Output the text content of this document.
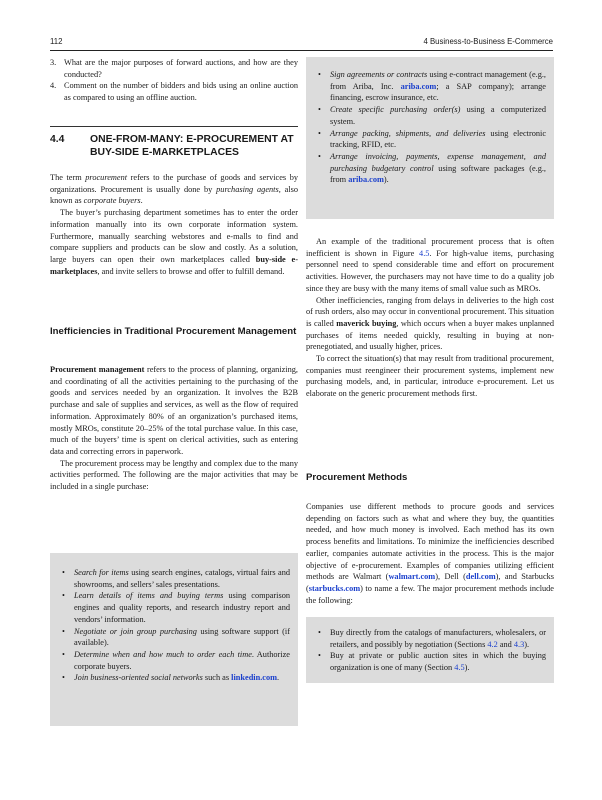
112	4 Business-to-Business E-Commerce
3. What are the major purposes of forward auctions, and how are they conducted?
4. Comment on the number of bidders and bids using an online auction as compared to using an offline auction.
4.4 ONE-FROM-MANY: E-PROCUREMENT AT BUY-SIDE E-MARKETPLACES

The term procurement refers to the purchase of goods and services by organizations. Procurement is usually done by purchasing agents, also known as corporate buyers.

The buyer’s purchasing department sometimes has to enter the order information manually into its own corporate information system. Furthermore, manually searching webstores and e-malls to find and compare suppliers and products can be slow and costly. As a solution, large buyers can open their own marketplaces called buy-side e-marketplaces, and invite sellers to browse and offer to fulfill demand.

Inefficiencies in Traditional Procurement Management

Procurement management refers to the process of planning, organizing, and coordinating of all the activities pertaining to the purchasing of the goods and services needed by an organization. It involves the B2B purchase and sale of supplies and services, as well as the flow of required information. Approximately 80% of an organization’s purchased items, mostly MROs, constitute 20–25% of the total purchase value. In this case, much of the buyers’ time is spent on clerical activities, such as entering data and correcting errors in paperwork.

The procurement process may be lengthy and complex due to the many activities performed. The following are the major activities that may be included in a single purchase:

• Search for items using search engines, catalogs, virtual fairs and showrooms, and sellers’ sales presentations.
• Learn details of items and buying terms using comparison engines and quality reports, and research industry report and vendors’ information.
• Negotiate or join group purchasing using software support (if available).
• Determine when and how much to order each time. Authorize corporate buyers.
• Join business-oriented social networks such as linkedin.com.
• Sign agreements or contracts using e-contract management (e.g., from Ariba, Inc. ariba.com; a SAP company); arrange financing, escrow insurance, etc.
• Create specific purchasing order(s) using a computerized system.
• Arrange packing, shipments, and deliveries using electronic tracking, RFID, etc.
• Arrange invoicing, payments, expense management, and purchasing budgetary control using software packages (e.g., from ariba.com).

An example of the traditional procurement process that is often inefficient is shown in Figure 4.5. For high-value items, purchasing personnel need to spend considerable time and effort on procurement activities. However, the purchasers may not have time to do a quality job since they are busy with the many items of small value such as MROs.

Other inefficiencies, ranging from delays in deliveries to the high cost of rush orders, also may occur in conventional procurement. This situation is called maverick buying, which occurs when a buyer makes unplanned purchases of items needed quickly, resulting in buying at non-prenegotiated, and usually higher, prices.

To correct the situation(s) that may result from traditional procurement, companies must reengineer their procurement systems, implement new purchasing models, and, in particular, introduce e-procurement. Let us elaborate on the generic procurement methods first.

Procurement Methods

Companies use different methods to procure goods and services depending on factors such as what and where they buy, the quantities needed, and how much money is involved. Each method has its own process benefits and limitations. To minimize the inefficiencies described earlier, companies automate activities in the process. This is the major objective of e-procurement. Examples of companies utilizing efficient methods are Walmart (walmart.com), Dell (dell.com), and Starbucks (starbucks.com) to name a few. The major procurement methods include the following:

• Buy directly from the catalogs of manufacturers, wholesalers, or retailers, and possibly by negotiation (Sections 4.2 and 4.3).
• Buy at private or public auction sites in which the buying organization is one of many (Section 4.5).
